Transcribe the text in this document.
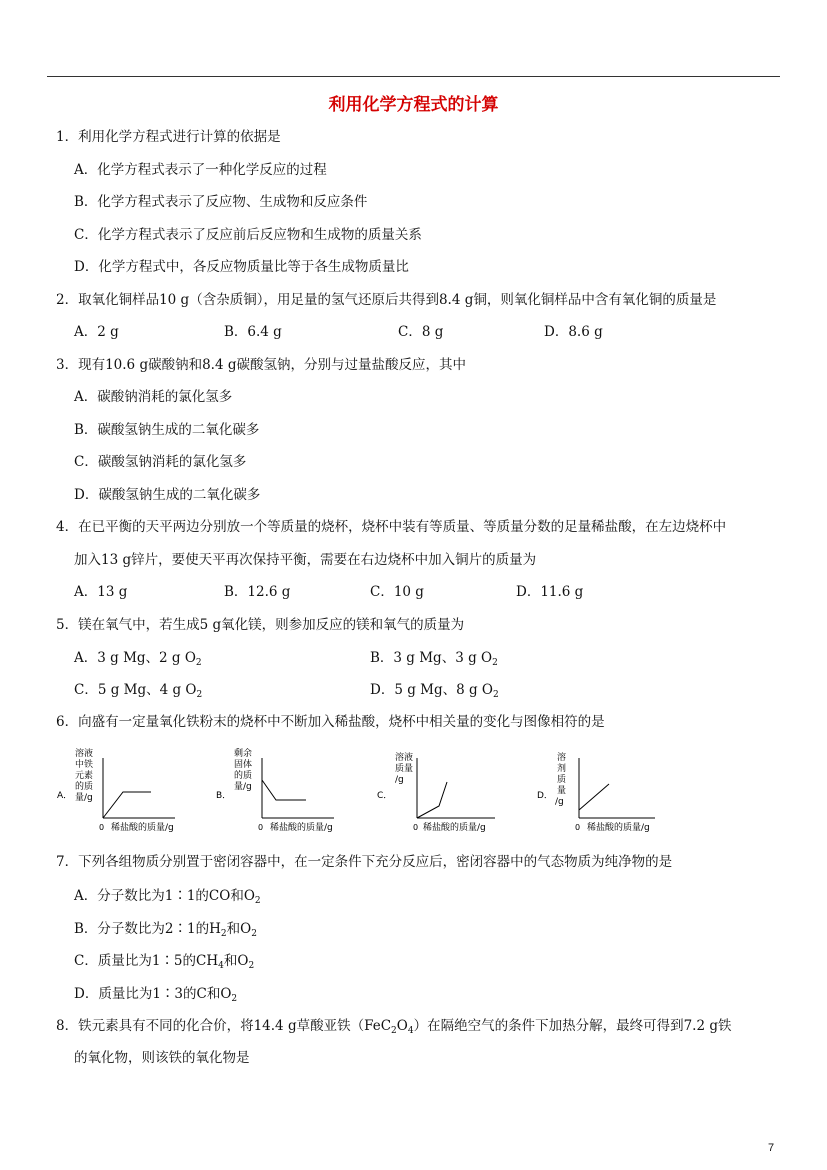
利用化学方程式的计算
1．利用化学方程式进行计算的依据是
A．化学方程式表示了一种化学反应的过程
B．化学方程式表示了反应物、生成物和反应条件
C．化学方程式表示了反应前后反应物和生成物的质量关系
D．化学方程式中，各反应物质量比等于各生成物质量比
2．取氧化铜样品10 g（含杂质铜），用足量的氢气还原后共得到8.4 g铜，则氧化铜样品中含有氧化铜的质量是
A．2 g	B．6.4 g	C．8 g	D．8.6 g
3．现有10.6 g碳酸钠和8.4 g碳酸氢钠，分别与过量盐酸反应，其中
A．碳酸钠消耗的氯化氢多
B．碳酸氢钠生成的二氧化碳多
C．碳酸氢钠消耗的氯化氢多
D．碳酸氢钠生成的二氧化碳多
4．在已平衡的天平两边分别放一个等质量的烧杯，烧杯中装有等质量、等质量分数的足量稀盐酸，在左边烧杯中
加入13 g锌片，要使天平再次保持平衡，需要在右边烧杯中加入铜片的质量为
A．13 g	B．12.6 g	C．10 g	D．11.6 g
5．镁在氧气中，若生成5 g氧化镁，则参加反应的镁和氧气的质量为
A．3 g Mg、2 g $O_2$	B．3 g Mg、3 g $O_2$
C．5 g Mg、4 g $O_2$	D．5 g Mg、8 g $O_2$
6．向盛有一定量氧化铁粉末的烧杯中不断加入稀盐酸，烧杯中相关量的变化与图像相符的是
A．
溶液
中铁
元素
的质
量/g
0 稀盐酸的质量/g
B．
剩余
固体
的质
量/g
0 稀盐酸的质量/g
C．
溶液
质量
/g
0 稀盐酸的质量/g
D．
溶
剂
质
量
/g
0 稀盐酸的质量/g
7．下列各组物质分别置于密闭容器中，在一定条件下充分反应后，密闭容器中的气态物质为纯净物的是
A．分子数比为1∶1的CO和$O_2$
B．分子数比为2∶1的$H_2$和$O_2$
C．质量比为1∶5的$CH_4$和$O_2$
D．质量比为1∶3的C和$O_2$
8．铁元素具有不同的化合价，将14.4 g草酸亚铁$(FeC_2O_4)$在隔绝空气的条件下加热分解，最终可得到7.2 g铁
的氧化物，则该铁的氧化物是
7
